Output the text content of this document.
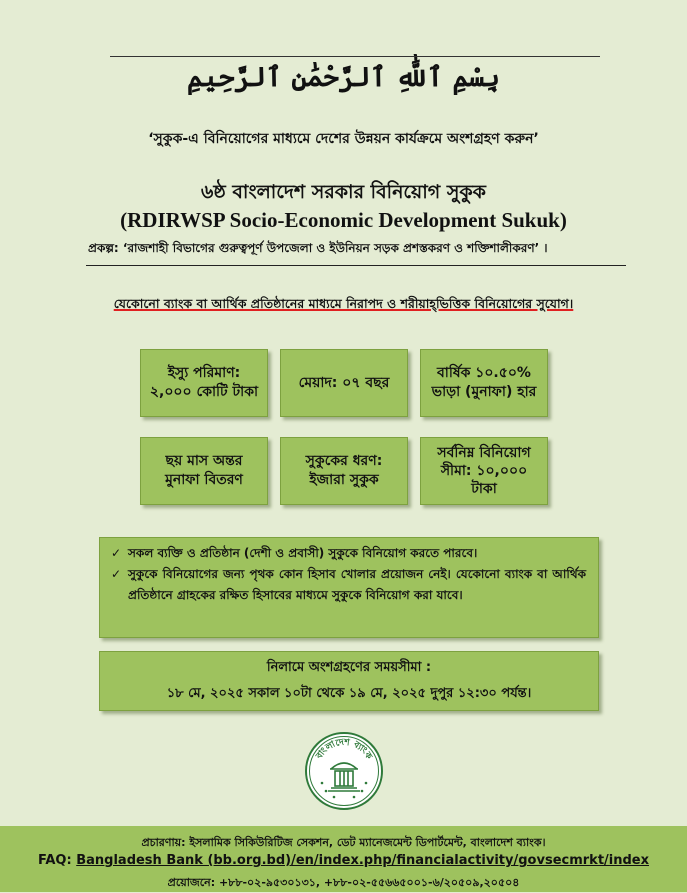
بِسْمِ ٱللَّٰهِ ٱلرَّحْمَٰنِ ٱلرَّحِيمِ
‘সুকুক-এ বিনিয়োগের মাধ্যমে দেশের উন্নয়ন কার্যক্রমে অংশগ্রহণ করুন’
৬ষ্ঠ বাংলাদেশ সরকার বিনিয়োগ সুকুক
(RDIRWSP Socio-Economic Development Sukuk)
প্রকল্প: ‘রাজশাহী বিভাগের গুরুত্বপূর্ণ উপজেলা ও ইউনিয়ন সড়ক প্রশস্তকরণ ও শক্তিশালীকরণ’ ।
যেকোনো ব্যাংক বা আর্থিক প্রতিষ্ঠানের মাধ্যমে নিরাপদ ও শরীয়াহ্‌ভিত্তিক বিনিয়োগের সুযোগ।
ইস্যু পরিমাণ:
২,০০০ কোটি টাকা
মেয়াদ: ০৭ বছর
বার্ষিক ১০.৫০%
ভাড়া (মুনাফা) হার
ছয় মাস অন্তর
মুনাফা বিতরণ
সুকুকের ধরণ:
ইজারা সুকুক
সর্বনিম্ন বিনিয়োগ
সীমা: ১০,০০০
টাকা
✓ সকল ব্যক্তি ও প্রতিষ্ঠান (দেশী ও প্রবাসী) সুকুকে বিনিয়োগ করতে পারবে।
✓ সুকুকে বিনিয়োগের জন্য পৃথক কোন হিসাব খোলার প্রয়োজন নেই। যেকোনো ব্যাংক বা আর্থিক প্রতিষ্ঠানে গ্রাহকের রক্ষিত হিসাবের মাধ্যমে সুকুকে বিনিয়োগ করা যাবে।
নিলামে অংশগ্রহণের সময়সীমা :
১৮ মে, ২০২৫ সকাল ১০টা থেকে ১৯ মে, ২০২৫ দুপুর ১২:৩০ পর্যন্ত।
বাংলাদেশ ব্যাংক
প্রচারণায়: ইসলামিক সিকিউরিটিজ সেকশন, ডেট ম্যানেজমেন্ট ডিপার্টমেন্ট, বাংলাদেশ ব্যাংক।
FAQ: Bangladesh Bank (bb.org.bd)/en/index.php/financialactivity/govsecmrkt/index
প্রয়োজনে: +৮৮-০২-৯৫৩০১৩১, +৮৮-০২-৫৫৬৬৫০০১-৬/২০৫০৯,২০৫০৪
